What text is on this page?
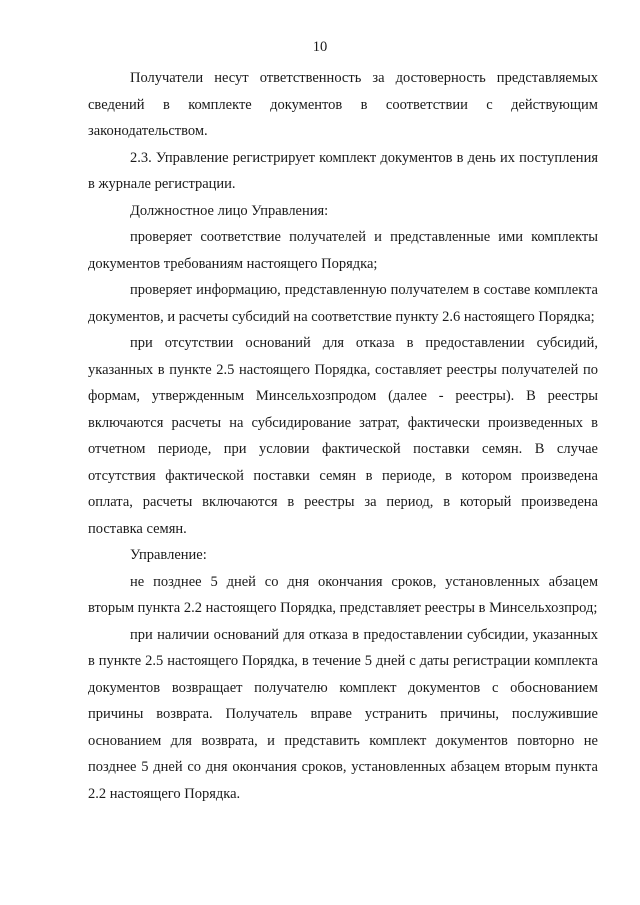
10

Получатели несут ответственность за достоверность представляемых сведений в комплекте документов в соответствии с действующим законодательством.

2.3. Управление регистрирует комплект документов в день их поступления в журнале регистрации.

Должностное лицо Управления:

проверяет соответствие получателей и представленные ими комплекты документов требованиям настоящего Порядка;

проверяет информацию, представленную получателем в составе комплекта документов, и расчеты субсидий на соответствие пункту 2.6 настоящего Порядка;

при отсутствии оснований для отказа в предоставлении субсидий, указанных в пункте 2.5 настоящего Порядка, составляет реестры получателей по формам, утвержденным Минсельхозпродом (далее - реестры). В реестры включаются расчеты на субсидирование затрат, фактически произведенных в отчетном периоде, при условии фактической поставки семян. В случае отсутствия фактической поставки семян в периоде, в котором произведена оплата, расчеты включаются в реестры за период, в который произведена поставка семян.

Управление:

не позднее 5 дней со дня окончания сроков, установленных абзацем вторым пункта 2.2 настоящего Порядка, представляет реестры в Минсельхозпрод;

при наличии оснований для отказа в предоставлении субсидии, указанных в пункте 2.5 настоящего Порядка, в течение 5 дней с даты регистрации комплекта документов возвращает получателю комплект документов с обоснованием причины возврата. Получатель вправе устранить причины, послужившие основанием для возврата, и представить комплект документов повторно не позднее 5 дней со дня окончания сроков, установленных абзацем вторым пункта 2.2 настоящего Порядка.
